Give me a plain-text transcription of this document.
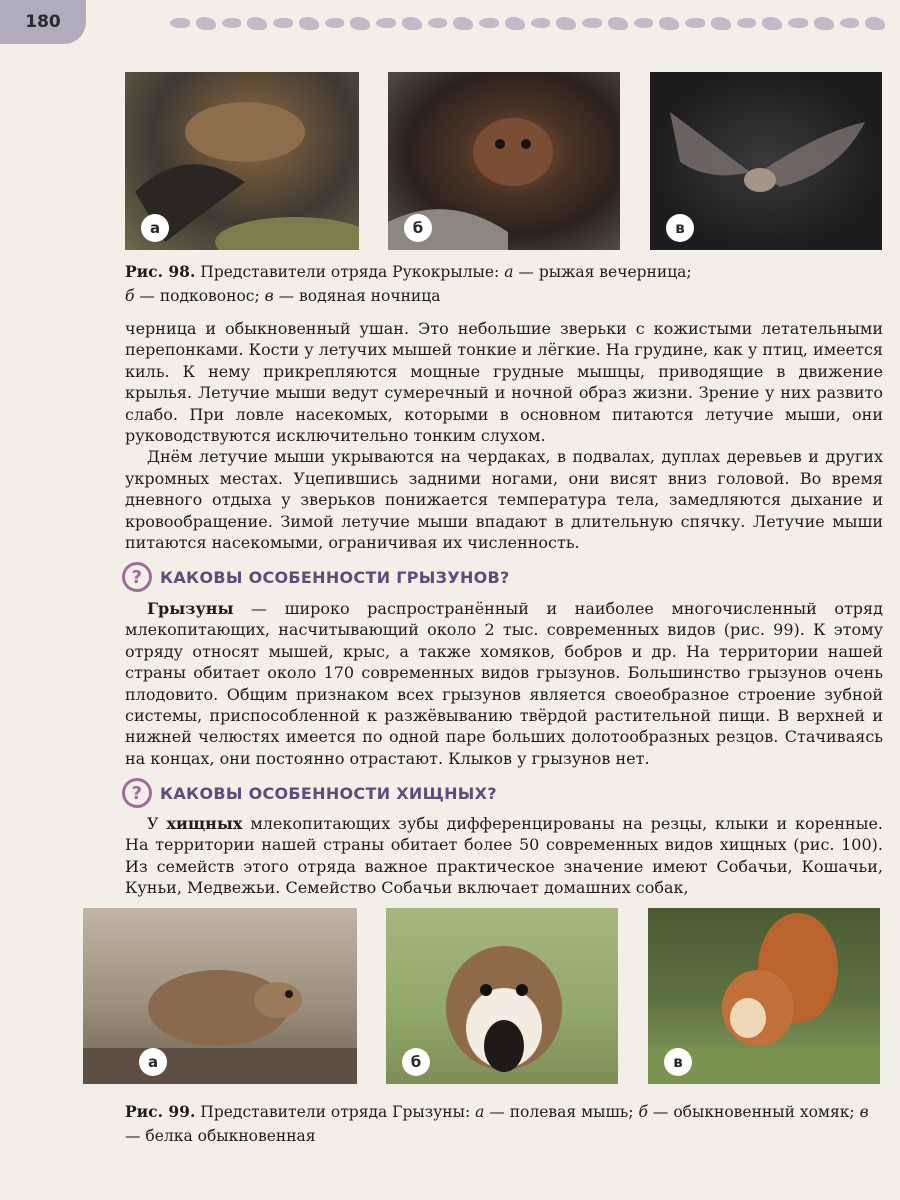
180
а	б	в
Рис. 98. Представители отряда Рукокрылые: а — рыжая вечерница;
б — подковонос; в — водяная ночница

черница и обыкновенный ушан. Это небольшие зверьки с кожистыми летательными перепонками. Кости у летучих мышей тонкие и лёгкие. На грудине, как у птиц, имеется киль. К нему прикрепляются мощные грудные мышцы, приводящие в движение крылья. Летучие мыши ведут сумеречный и ночной образ жизни. Зрение у них развито слабо. При ловле насекомых, которыми в основном питаются летучие мыши, они руководствуются исключительно тонким слухом.

Днём летучие мыши укрываются на чердаках, в подвалах, дуплах деревьев и других укромных местах. Уцепившись задними ногами, они висят вниз головой. Во время дневного отдыха у зверьков понижается температура тела, замедляются дыхание и кровообращение. Зимой летучие мыши впадают в длительную спячку. Летучие мыши питаются насекомыми, ограничивая их численность.

?	КАКОВЫ ОСОБЕННОСТИ ГРЫЗУНОВ?

Грызуны — широко распространённый и наиболее многочисленный отряд млекопитающих, насчитывающий около 2 тыс. современных видов (рис. 99). К этому отряду относят мышей, крыс, а также хомяков, бобров и др. На территории нашей страны обитает около 170 современных видов грызунов. Большинство грызунов очень плодовито. Общим признаком всех грызунов является своеобразное строение зубной системы, приспособленной к разжёвыванию твёрдой растительной пищи. В верхней и нижней челюстях имеется по одной паре больших долотообразных резцов. Стачиваясь на концах, они постоянно отрастают. Клыков у грызунов нет.

?	КАКОВЫ ОСОБЕННОСТИ ХИЩНЫХ?

У хищных млекопитающих зубы дифференцированы на резцы, клыки и коренные. На территории нашей страны обитает более 50 современных видов хищных (рис. 100). Из семейств этого отряда важное практическое значение имеют Собачьи, Кошачьи, Куньи, Медвежьи. Семейство Собачьи включает домашних собак,

а	б	в
Рис. 99. Представители отряда Грызуны: а — полевая мышь; б — обыкновенный хомяк; в — белка обыкновенная
